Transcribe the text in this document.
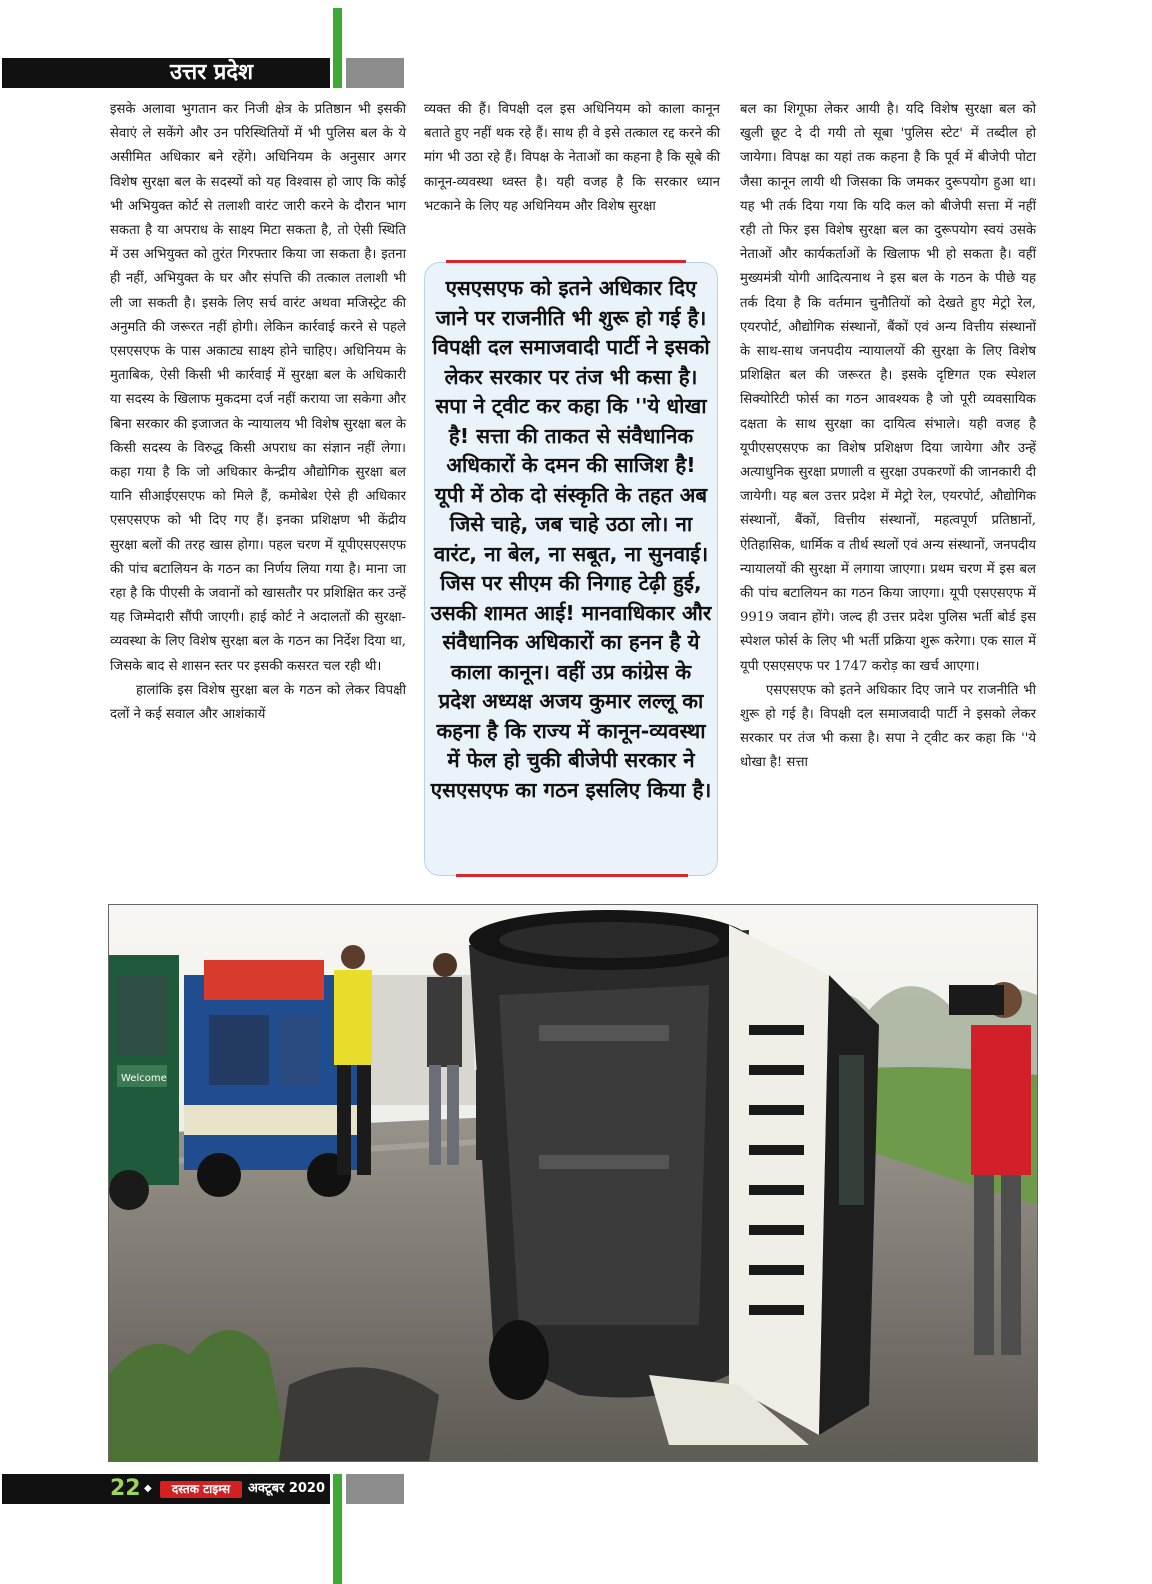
उत्तर प्रदेश

इसके अलावा भुगतान कर निजी क्षेत्र के प्रतिष्ठान भी इसकी सेवाएं ले सकेंगे और उन परिस्थितियों में भी पुलिस बल के ये असीमित अधिकार बने रहेंगे। अधिनियम के अनुसार अगर विशेष सुरक्षा बल के सदस्यों को यह विश्वास हो जाए कि कोई भी अभियुक्त कोर्ट से तलाशी वारंट जारी करने के दौरान भाग सकता है या अपराध के साक्ष्य मिटा सकता है, तो ऐसी स्थिति में उस अभियुक्त को तुरंत गिरफ्तार किया जा सकता है। इतना ही नहीं, अभियुक्त के घर और संपत्ति की तत्काल तलाशी भी ली जा सकती है। इसके लिए सर्च वारंट अथवा मजिस्ट्रेट की अनुमति की जरूरत नहीं होगी। लेकिन कार्रवाई करने से पहले एसएसएफ के पास अकाट्य साक्ष्य होने चाहिए। अधिनियम के मुताबिक, ऐसी किसी भी कार्रवाई में सुरक्षा बल के अधिकारी या सदस्य के खिलाफ मुकदमा दर्ज नहीं कराया जा सकेगा और बिना सरकार की इजाजत के न्यायालय भी विशेष सुरक्षा बल के किसी सदस्य के विरुद्ध किसी अपराध का संज्ञान नहीं लेगा। कहा गया है कि जो अधिकार केन्द्रीय औद्योगिक सुरक्षा बल यानि सीआईएसएफ को मिले हैं, कमोबेश ऐसे ही अधिकार एसएसएफ को भी दिए गए हैं। इनका प्रशिक्षण भी केंद्रीय सुरक्षा बलों की तरह खास होगा। पहल चरण में यूपीएसएसएफ की पांच बटालियन के गठन का निर्णय लिया गया है। माना जा रहा है कि पीएसी के जवानों को खासतौर पर प्रशिक्षित कर उन्हें यह जिम्मेदारी सौंपी जाएगी। हाई कोर्ट ने अदालतों की सुरक्षा-व्यवस्था के लिए विशेष सुरक्षा बल के गठन का निर्देश दिया था, जिसके बाद से शासन स्तर पर इसकी कसरत चल रही थी।

हालांकि इस विशेष सुरक्षा बल के गठन को लेकर विपक्षी दलों ने कई सवाल और आशंकायें

व्यक्त की हैं। विपक्षी दल इस अधिनियम को काला कानून बताते हुए नहीं थक रहे हैं। साथ ही वे इसे तत्काल रद्द करने की मांग भी उठा रहे हैं। विपक्ष के नेताओं का कहना है कि सूबे की कानून-व्यवस्था ध्वस्त है। यही वजह है कि सरकार ध्यान भटकाने के लिए यह अधिनियम और विशेष सुरक्षा

एसएसएफ को इतने अधिकार दिए जाने पर राजनीति भी शुरू हो गई है। विपक्षी दल समाजवादी पार्टी ने इसको लेकर सरकार पर तंज भी कसा है। सपा ने ट्वीट कर कहा कि ''ये धोखा है! सत्ता की ताकत से संवैधानिक अधिकारों के दमन की साजिश है! यूपी में ठोक दो संस्कृति के तहत अब जिसे चाहे, जब चाहे उठा लो। ना वारंट, ना बेल, ना सबूत, ना सुनवाई। जिस पर सीएम की निगाह टेढ़ी हुई, उसकी शामत आई! मानवाधिकार और संवैधानिक अधिकारों का हनन है ये काला कानून। वहीं उप्र कांग्रेस के प्रदेश अध्यक्ष अजय कुमार लल्लू का कहना है कि राज्य में कानून-व्यवस्था में फेल हो चुकी बीजेपी सरकार ने एसएसएफ का गठन इसलिए किया है।

बल का शिगूफा लेकर आयी है। यदि विशेष सुरक्षा बल को खुली छूट दे दी गयी तो सूबा 'पुलिस स्टेट' में तब्दील हो जायेगा। विपक्ष का यहां तक कहना है कि पूर्व में बीजेपी पोटा जैसा कानून लायी थी जिसका कि जमकर दुरूपयोग हुआ था। यह भी तर्क दिया गया कि यदि कल को बीजेपी सत्ता में नहीं रही तो फिर इस विशेष सुरक्षा बल का दुरूपयोग स्वयं उसके नेताओं और कार्यकर्ताओं के खिलाफ भी हो सकता है। वहीं मुख्यमंत्री योगी आदित्यनाथ ने इस बल के गठन के पीछे यह तर्क दिया है कि वर्तमान चुनौतियों को देखते हुए मेट्रो रेल, एयरपोर्ट, औद्योगिक संस्थानों, बैंकों एवं अन्य वित्तीय संस्थानों के साथ-साथ जनपदीय न्यायालयों की सुरक्षा के लिए विशेष प्रशिक्षित बल की जरूरत है। इसके दृष्टिगत एक स्पेशल सिक्योरिटी फोर्स का गठन आवश्यक है जो पूरी व्यवसायिक दक्षता के साथ सुरक्षा का दायित्व संभाले। यही वजह है यूपीएसएसएफ का विशेष प्रशिक्षण दिया जायेगा और उन्हें अत्याधुनिक सुरक्षा प्रणाली व सुरक्षा उपकरणों की जानकारी दी जायेगी। यह बल उत्तर प्रदेश में मेट्रो रेल, एयरपोर्ट, औद्योगिक संस्थानों, बैंकों, वित्तीय संस्थानों, महत्वपूर्ण प्रतिष्ठानों, ऐतिहासिक, धार्मिक व तीर्थ स्थलों एवं अन्य संस्थानों, जनपदीय न्यायालयों की सुरक्षा में लगाया जाएगा। प्रथम चरण में इस बल की पांच बटालियन का गठन किया जाएगा। यूपी एसएसएफ में 9919 जवान होंगे। जल्द ही उत्तर प्रदेश पुलिस भर्ती बोर्ड इस स्पेशल फोर्स के लिए भी भर्ती प्रक्रिया शुरू करेगा। एक साल में यूपी एसएसएफ पर 1747 करोड़ का खर्च आएगा।

एसएसएफ को इतने अधिकार दिए जाने पर राजनीति भी शुरू हो गई है। विपक्षी दल समाजवादी पार्टी ने इसको लेकर सरकार पर तंज भी कसा है। सपा ने ट्वीट कर कहा कि ''ये धोखा है! सत्ता

Welcome
22 ◆	दस्तक टाइम्स	अक्टूबर 2020
